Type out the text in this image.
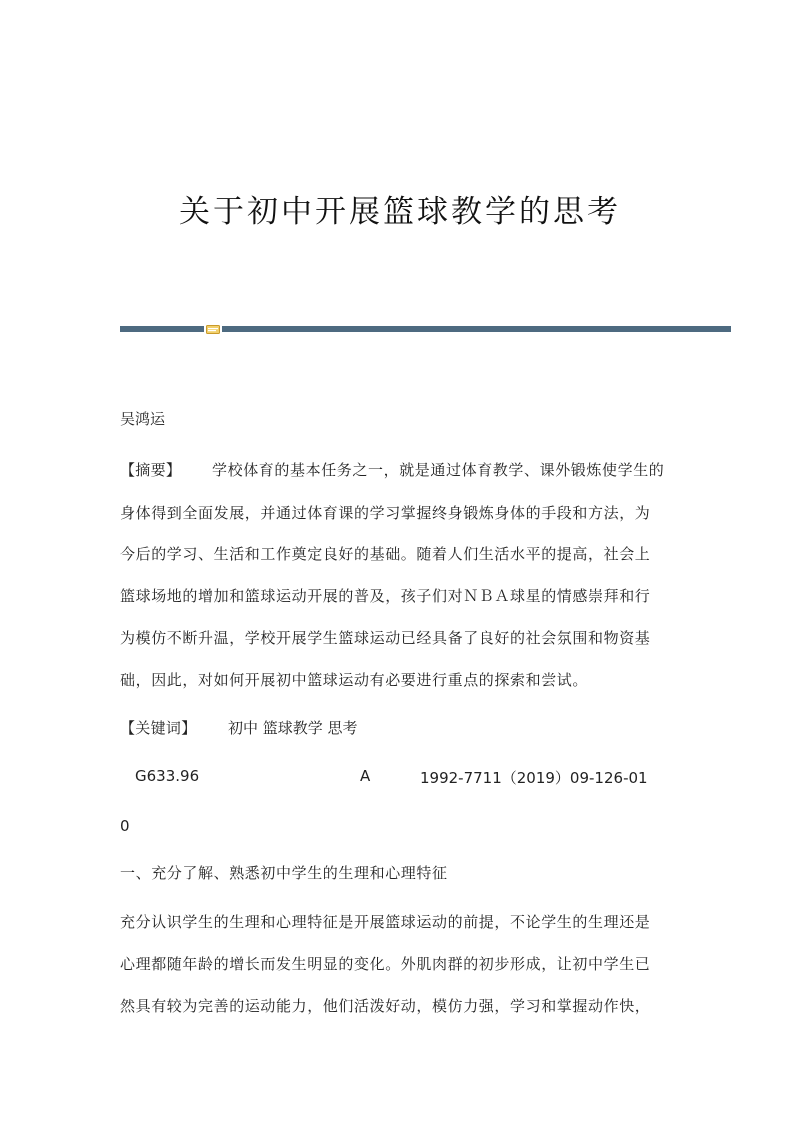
关于初中开展篮球教学的思考
吴鸿运
【摘要】 学校体育的基本任务之一，就是通过体育教学、课外锻炼使学生的
身体得到全面发展，并通过体育课的学习掌握终身锻炼身体的手段和方法，为
今后的学习、生活和工作奠定良好的基础。随着人们生活水平的提高，社会上
篮球场地的增加和篮球运动开展的普及，孩子们对ＮＢＡ球星的情感崇拜和行
为模仿不断升温，学校开展学生篮球运动已经具备了良好的社会氛围和物资基
础，因此，对如何开展初中篮球运动有必要进行重点的探索和尝试。
【关键词】 初中 篮球教学 思考
G633.96	A	1992-7711（2019）09-126-01
0
一、充分了解、熟悉初中学生的生理和心理特征
充分认识学生的生理和心理特征是开展篮球运动的前提，不论学生的生理还是
心理都随年龄的增长而发生明显的变化。外肌肉群的初步形成，让初中学生已
然具有较为完善的运动能力，他们活泼好动，模仿力强，学习和掌握动作快，
